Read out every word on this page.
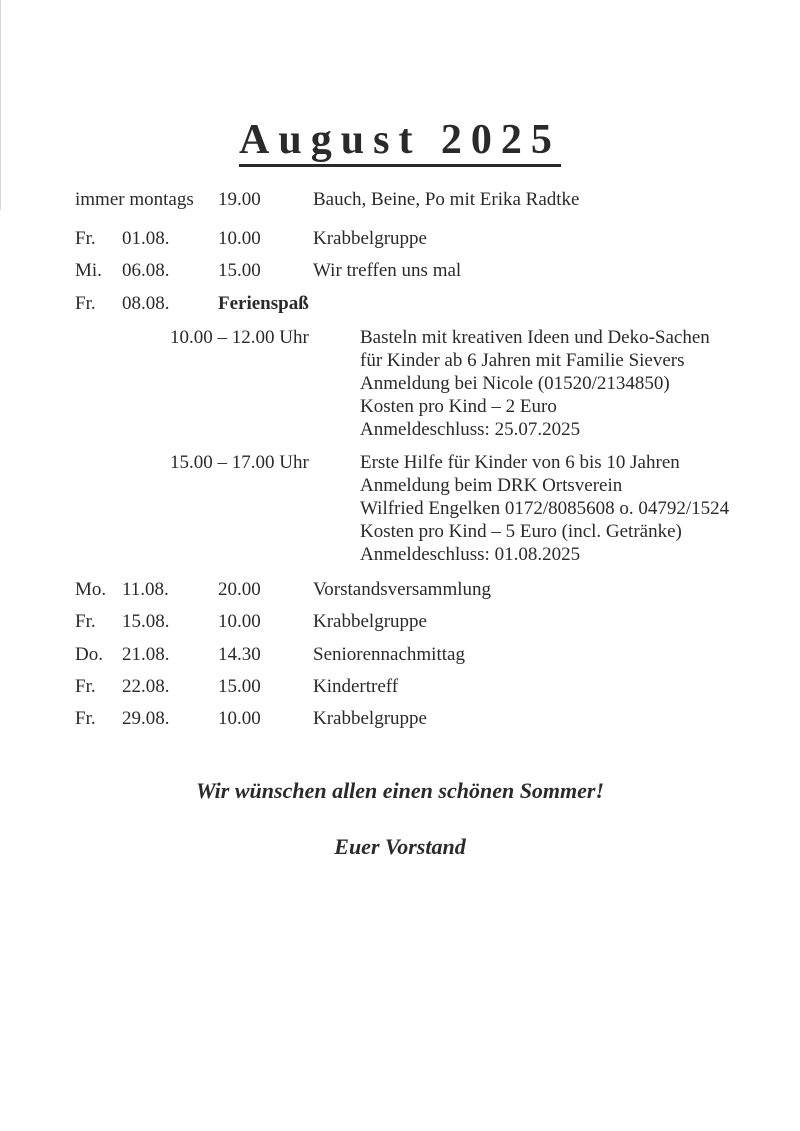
August 2025
immer montags 19.00	Bauch, Beine, Po mit Erika Radtke
Fr. 01.08.	10.00	Krabbelgruppe
Mi. 06.08.	15.00	Wir treffen uns mal
Fr. 08.08.	Ferienspaß
10.00 – 12.00 Uhr	Basteln mit kreativen Ideen und Deko-Sachen
für Kinder ab 6 Jahren mit Familie Sievers
Anmeldung bei Nicole (01520/2134850)
Kosten pro Kind – 2 Euro
Anmeldeschluss: 25.07.2025
15.00 – 17.00 Uhr	Erste Hilfe für Kinder von 6 bis 10 Jahren
Anmeldung beim DRK Ortsverein
Wilfried Engelken 0172/8085608 o. 04792/1524
Kosten pro Kind – 5 Euro (incl. Getränke)
Anmeldeschluss: 01.08.2025
Mo. 11.08.	20.00	Vorstandsversammlung
Fr. 15.08.	10.00	Krabbelgruppe
Do. 21.08.	14.30	Seniorennachmittag
Fr. 22.08.	15.00	Kindertreff
Fr. 29.08.	10.00	Krabbelgruppe
Wir wünschen allen einen schönen Sommer!
Euer Vorstand
